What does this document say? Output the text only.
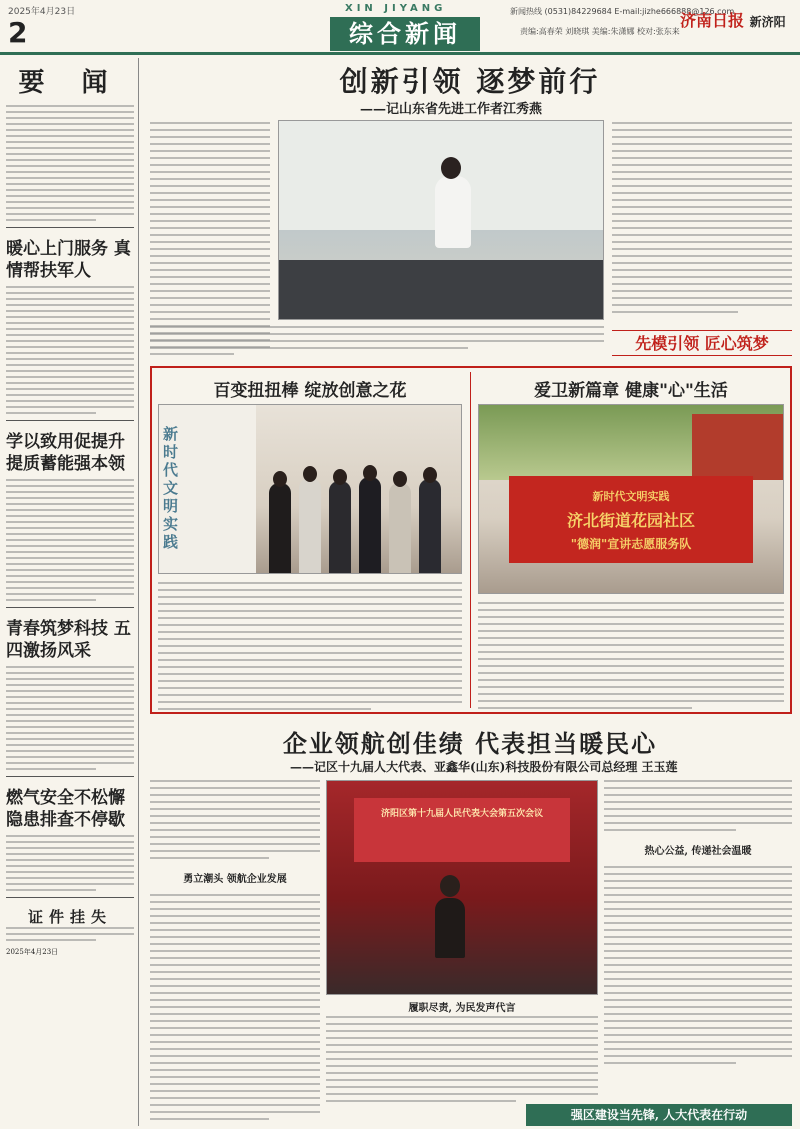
2025年4月23日
2
XIN JIYANG
综合新闻
新闻热线 (0531)84229684 E-mail:jizhe666888@126.com
责编:高春荣 刘晓琪 美编:朱潇娜 校对:张东来
济南日报 新济阳
要 闻
暖心上门服务 真情帮扶军人
学以致用促提升 提质蓄能强本领
青春筑梦科技 五四激扬风采
燃气安全不松懈 隐患排查不停歇
证件挂失
2025年4月23日
创新引领 逐梦前行
——记山东省先进工作者江秀燕
先模引领 匠心筑梦
百变扭扭棒 绽放创意之花
新时代文明实践
爱卫新篇章 健康"心"生活
新时代文明实践
济北街道花园社区
"德润"宣讲志愿服务队
企业领航创佳绩 代表担当暖民心
——记区十九届人大代表、亚鑫华(山东)科技股份有限公司总经理 王玉莲
勇立潮头 领航企业发展
济阳区第十九届人民代表大会第五次会议
履职尽责, 为民发声代言
热心公益, 传递社会温暖
强区建设当先锋, 人大代表在行动
